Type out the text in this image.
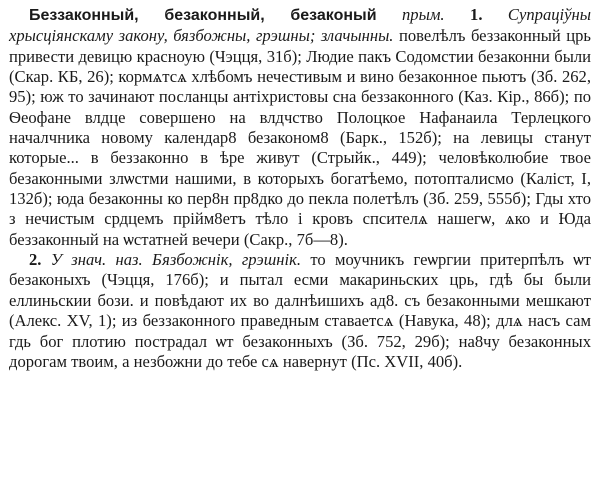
Беззаконный, безаконный, безаконый прым. 1. Супраціўны хрысціянскаму закону, бязбожны, грэшны; злачынны. повелѣлъ беззаконный црь привести девицю красноую (Чэцця, 31б); Людие пакъ Содомстии безаконни были (Скар. КБ, 26); кормѧтсѧ хлѣбомъ нечестивым и вино безаконное пьютъ (Зб. 262, 95); юж то зачинают посланцы антiхристовы сна беззаконного (Каз. Кір., 86б); по Ѳеофане влдце совершено на влдчство Полоцкое Нафанаила Терлецкого началчника новому календар8 безаконом8 (Барк., 152б); на левицы станут которые... в беззаконно в ѣре живут (Стрыйк., 449); человѣколюбие твое безаконными злѡстми нашими, в которыхъ богатѣемо, потопталисмо (Каліст, I, 132б); юда безаконны ко пер8н пр8дко до пекла полетѣлъ (Зб. 259, 555б); Гды хто з нечистым срдцемъ прійм8етъ тѣло і кровъ спсителѧ нашегѡ, ѧко и Юда беззаконный на ѡстатней вечери (Сакр., 7б—8).

2. У знач. наз. Бязбожнік, грэшнік. то моучникъ геѡргии притерпѣлъ ѡт безаконыхъ (Чэцця, 176б); и пытал есми макариньских црь, гдѣ бы были еллиньскии бози. и повѣдают их во далнѣишихъ ад8. съ безаконными мешкают (Алекс. XV, 1); из беззаконного праведным ставаетсѧ (Навука, 48); длѧ насъ сам гдь бог плотию пострадал ѡт безаконныхъ (Зб. 752, 29б); на8чу безаконных дорогам твоим, а незбожни до тебе сѧ навернут (Пс. XVII, 40б).
